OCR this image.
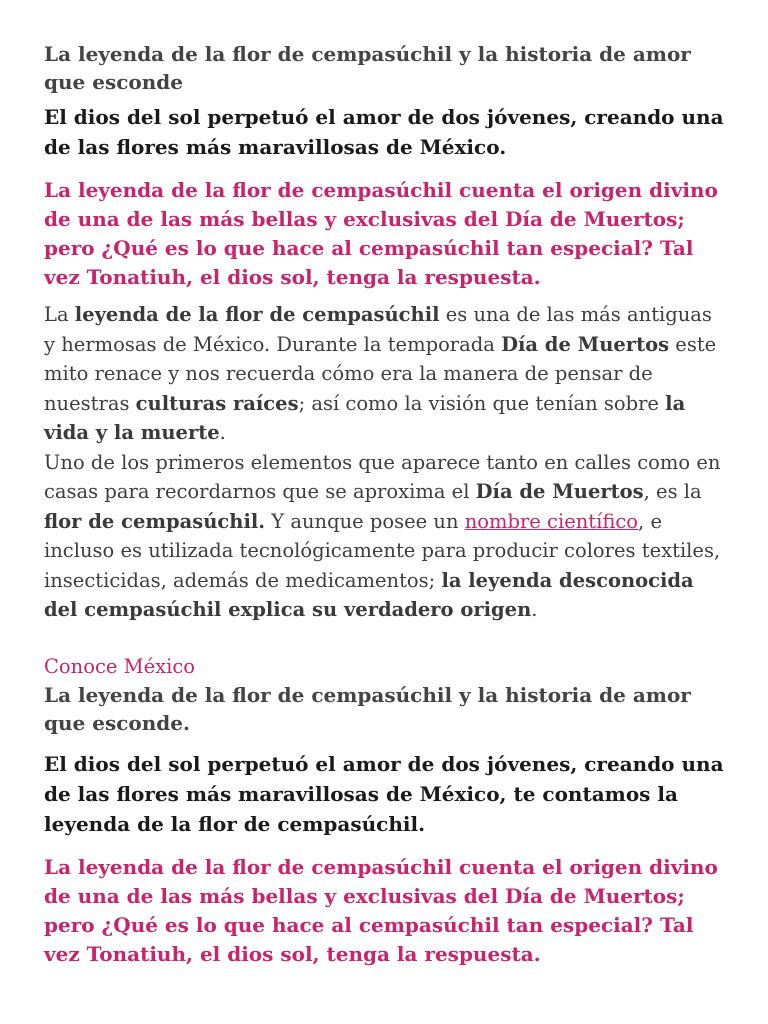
La leyenda de la flor de cempasúchil y la historia de amor que esconde
El dios del sol perpetuó el amor de dos jóvenes, creando una de las flores más maravillosas de México.

La leyenda de la flor de cempasúchil cuenta el origen divino de una de las más bellas y exclusivas del Día de Muertos; pero ¿Qué es lo que hace al cempasúchil tan especial? Tal vez Tonatiuh, el dios sol, tenga la respuesta.

La leyenda de la flor de cempasúchil es una de las más antiguas y hermosas de México. Durante la temporada Día de Muertos este mito renace y nos recuerda cómo era la manera de pensar de nuestras culturas raíces; así como la visión que tenían sobre la vida y la muerte.

Uno de los primeros elementos que aparece tanto en calles como en casas para recordarnos que se aproxima el Día de Muertos, es la flor de cempasúchil. Y aunque posee un nombre científico, e incluso es utilizada tecnológicamente para producir colores textiles, insecticidas, además de medicamentos; la leyenda desconocida del cempasúchil explica su verdadero origen.

Conoce México
La leyenda de la flor de cempasúchil y la historia de amor que esconde.
El dios del sol perpetuó el amor de dos jóvenes, creando una de las flores más maravillosas de México, te contamos la leyenda de la flor de cempasúchil.

La leyenda de la flor de cempasúchil cuenta el origen divino de una de las más bellas y exclusivas del Día de Muertos; pero ¿Qué es lo que hace al cempasúchil tan especial? Tal vez Tonatiuh, el dios sol, tenga la respuesta.
